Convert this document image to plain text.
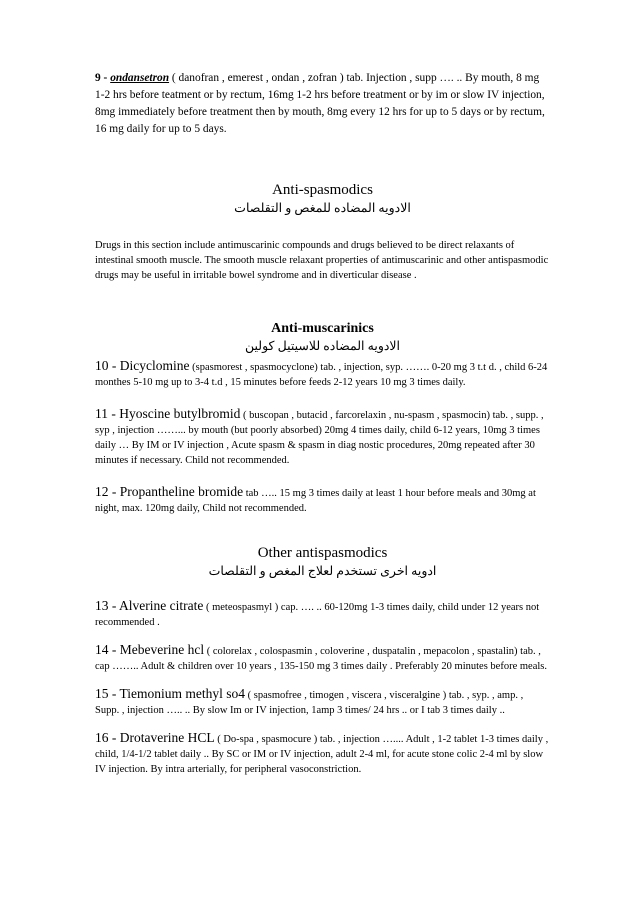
9 - ondansetron ( danofran , emerest , ondan , zofran ) tab. Injection , supp …. .. By mouth, 8 mg 1-2 hrs before teatment or by rectum, 16mg 1-2 hrs before treatment or by im or slow IV injection, 8mg immediately before treatment then by mouth, 8mg every 12 hrs for up to 5 days or by rectum, 16 mg daily for up to 5 days.

Anti-spasmodics

الادويه المضاده للمغص و التقلصات

Drugs in this section include antimuscarinic compounds and drugs believed to be direct relaxants of intestinal smooth muscle. The smooth muscle relaxant properties of antimuscarinic and other antispasmodic drugs may be useful in irritable bowel syndrome and in diverticular disease .

Anti-muscarinics

الادويه المضاده للاسيتيل كولين

10 - Dicyclomine (spasmorest , spasmocyclone) tab. , injection, syp. ……. 0-20 mg 3 t.t d. , child 6-24 monthes 5-10 mg up to 3-4 t.d , 15 minutes before feeds 2-12 years 10 mg 3 times daily.

11 - Hyoscine butylbromid ( buscopan , butacid , farcorelaxin , nu-spasm , spasmocin) tab. , supp. , syp , injection ……... by mouth (but poorly absorbed) 20mg 4 times daily, child 6-12 years, 10mg 3 times daily … By IM or IV injection , Acute spasm & spasm in diag nostic procedures, 20mg repeated after 30 minutes if necessary. Child not recommended.

12 - Propantheline bromide tab ….. 15 mg 3 times daily at least 1 hour before meals and 30mg at night, max. 120mg daily, Child not recommended.

Other antispasmodics

ادويه اخرى تستخدم لعلاج المغص و التقلصات

13 - Alverine citrate ( meteospasmyl ) cap. …. .. 60-120mg 1-3 times daily, child under 12 years not recommended .

14 - Mebeverine hcl ( colorelax , colospasmin , coloverine , duspatalin , mepacolon , spastalin) tab. , cap …….. Adult & children over 10 years , 135-150 mg 3 times daily . Preferably 20 minutes before meals.

15 - Tiemonium methyl so4 ( spasmofree , timogen , viscera , visceralgine ) tab. , syp. , amp. , Supp. , injection ….. .. By slow Im or IV injection, 1amp 3 times/ 24 hrs .. or I tab 3 times daily ..

16 - Drotaverine HCL ( Do-spa , spasmocure ) tab. , injection ….... Adult , 1-2 tablet 1-3 times daily , child, 1/4-1/2 tablet daily .. By SC or IM or IV injection, adult 2-4 ml, for acute stone colic 2-4 ml by slow IV injection. By intra arterially, for peripheral vasoconstriction.
